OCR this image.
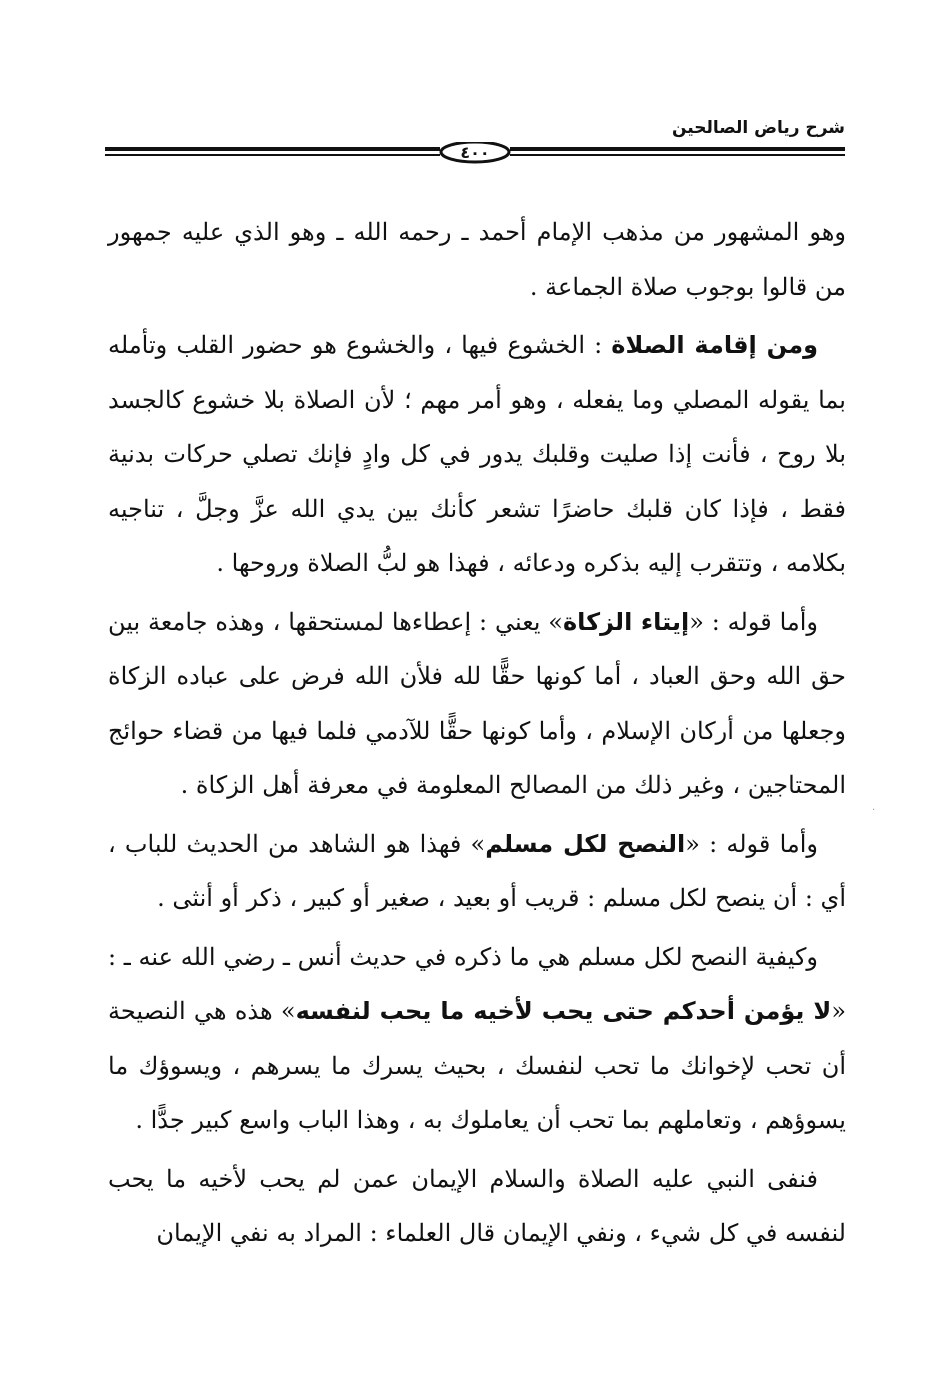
شرح رياض الصالحين
٤٠٠

وهو المشهور من مذهب الإمام أحمد ـ رحمه الله ـ وهو الذي عليه جمهور من قالوا بوجوب صلاة الجماعة .

ومن إقامة الصلاة : الخشوع فيها ، والخشوع هو حضور القلب وتأمله بما يقوله المصلي وما يفعله ، وهو أمر مهم ؛ لأن الصلاة بلا خشوع كالجسد بلا روح ، فأنت إذا صليت وقلبك يدور في كل وادٍ فإنك تصلي حركات بدنية فقط ، فإذا كان قلبك حاضرًا تشعر كأنك بين يدي الله عزَّ وجلَّ ، تناجيه بكلامه ، وتتقرب إليه بذكره ودعائه ، فهذا هو لبُّ الصلاة وروحها .

وأما قوله : «إيتاء الزكاة» يعني : إعطاءها لمستحقها ، وهذه جامعة بين حق الله وحق العباد ، أما كونها حقًّا لله فلأن الله فرض على عباده الزكاة وجعلها من أركان الإسلام ، وأما كونها حقًّا للآدمي فلما فيها من قضاء حوائج المحتاجين ، وغير ذلك من المصالح المعلومة في معرفة أهل الزكاة .

وأما قوله : «النصح لكل مسلم» فهذا هو الشاهد من الحديث للباب ، أي : أن ينصح لكل مسلم : قريب أو بعيد ، صغير أو كبير ، ذكر أو أنثى .

وكيفية النصح لكل مسلم هي ما ذكره في حديث أنس ـ رضي الله عنه ـ : «لا يؤمن أحدكم حتى يحب لأخيه ما يحب لنفسه» هذه هي النصيحة أن تحب لإخوانك ما تحب لنفسك ، بحيث يسرك ما يسرهم ، ويسوؤك ما يسوؤهم ، وتعاملهم بما تحب أن يعاملوك به ، وهذا الباب واسع كبير جدًّا .

فنفى النبي عليه الصلاة والسلام الإيمان عمن لم يحب لأخيه ما يحب لنفسه في كل شيء ، ونفي الإيمان قال العلماء : المراد به نفي الإيمان

·
